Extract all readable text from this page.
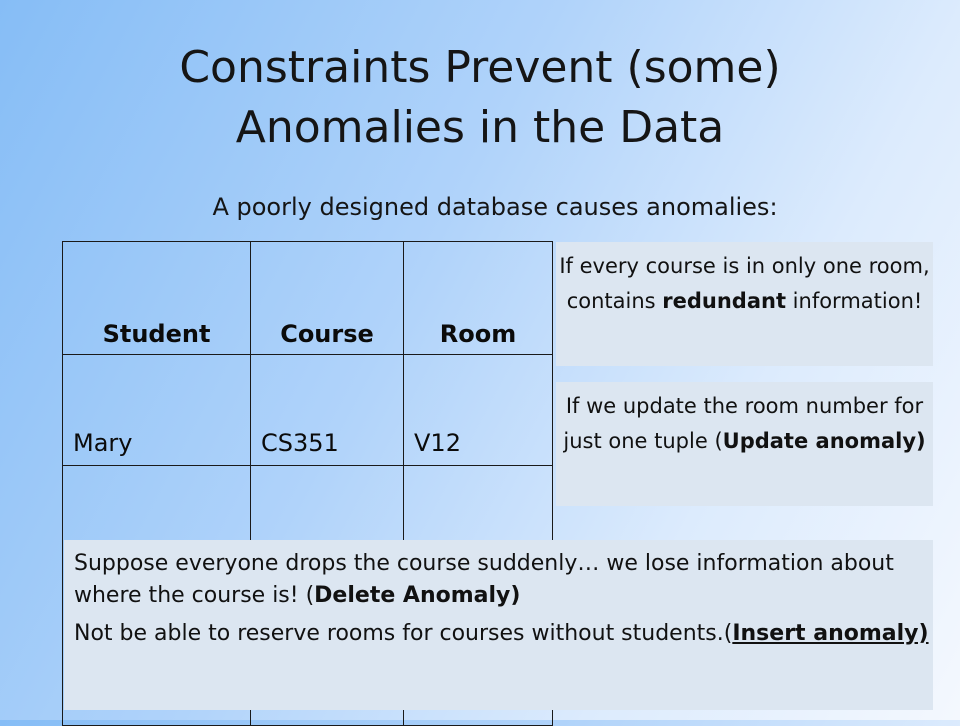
Constraints Prevent (some)
Anomalies in the Data
A poorly designed database causes anomalies:
Student	Course	Room
Mary	CS351	V12

If every course is in only one room, contains redundant information!
If we update the room number for just one tuple (Update anomaly)

Suppose everyone drops the course suddenly… we lose information about where the course is! (Delete Anomaly)

Not be able to reserve rooms for courses without students.(Insert anomaly)
